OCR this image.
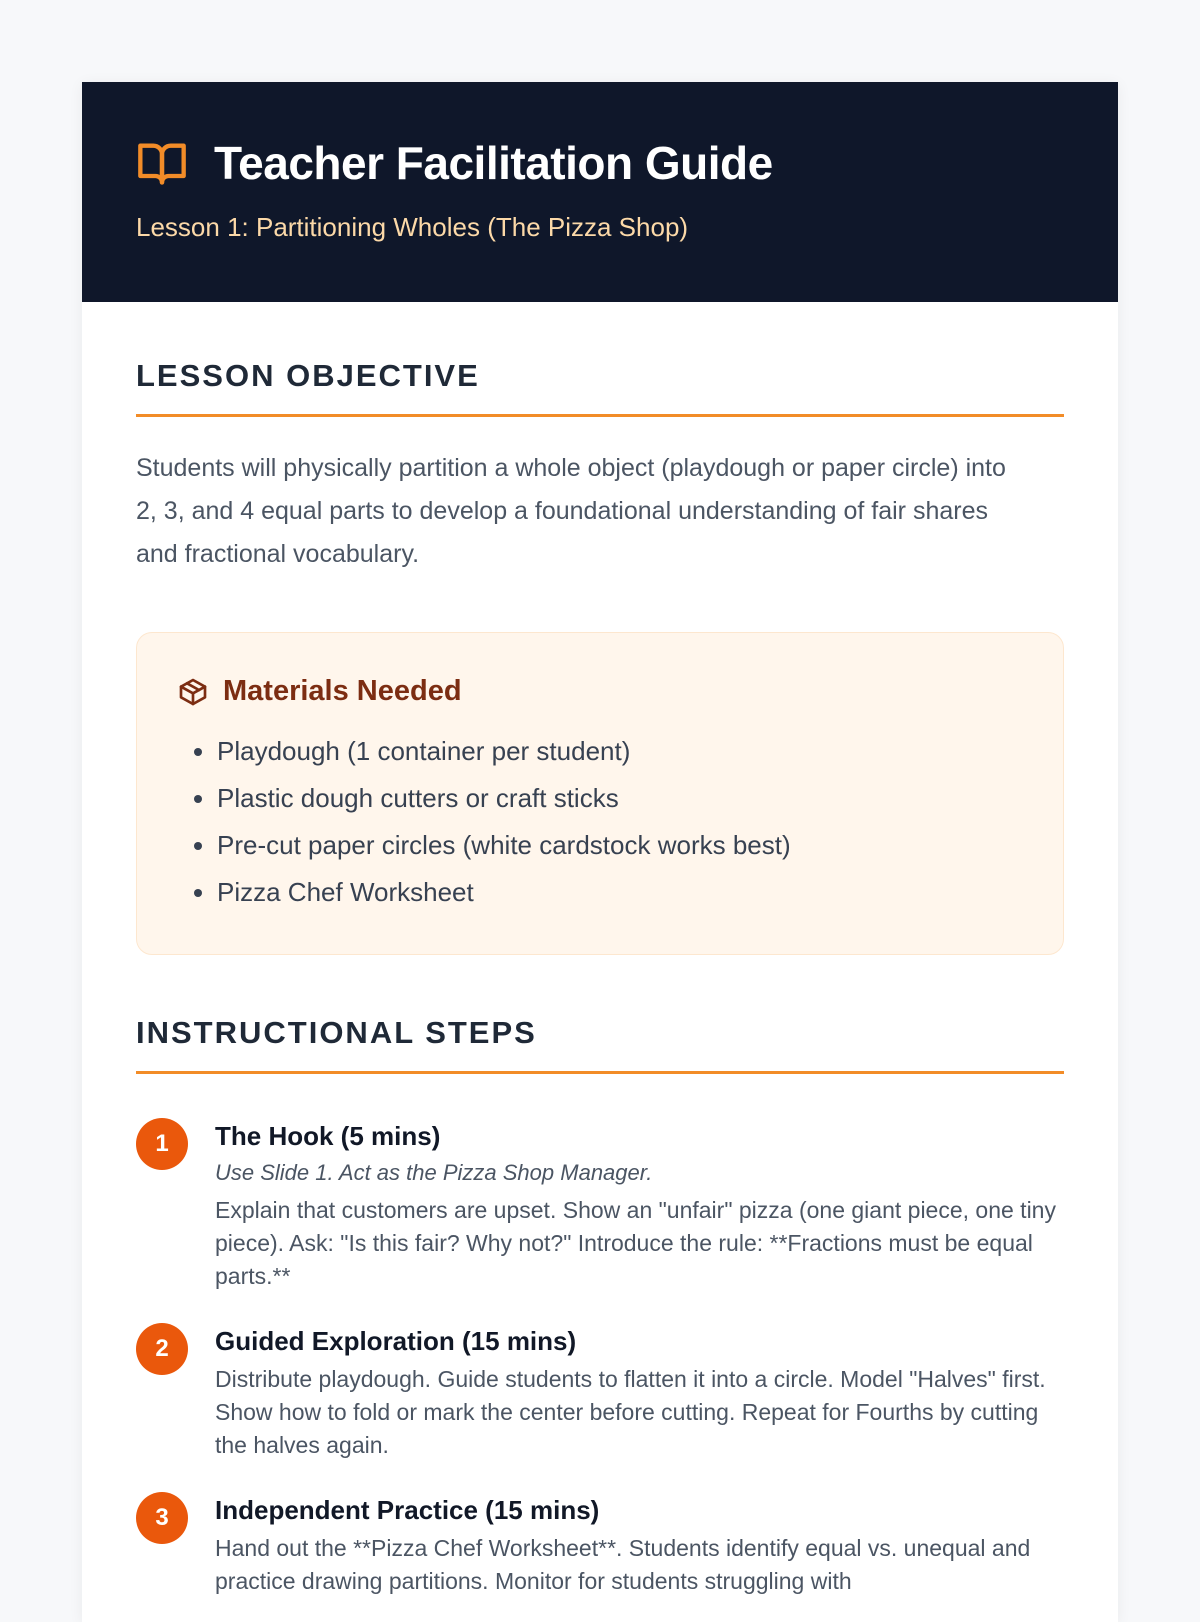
Teacher Facilitation Guide
Lesson 1: Partitioning Wholes (The Pizza Shop)
LESSON OBJECTIVE
Students will physically partition a whole object (playdough or paper circle) into 2, 3, and 4 equal parts to develop a foundational understanding of fair shares and fractional vocabulary.
Materials Needed
• Playdough (1 container per student)
• Plastic dough cutters or craft sticks
• Pre-cut paper circles (white cardstock works best)
• Pizza Chef Worksheet
INSTRUCTIONAL STEPS
1	The Hook (5 mins)
Use Slide 1. Act as the Pizza Shop Manager.
Explain that customers are upset. Show an "unfair" pizza (one giant piece, one tiny piece). Ask: "Is this fair? Why not?" Introduce the rule: **Fractions must be equal parts.**
2	Guided Exploration (15 mins)
Distribute playdough. Guide students to flatten it into a circle. Model "Halves" first. Show how to fold or mark the center before cutting. Repeat for Fourths by cutting the halves again.
3	Independent Practice (15 mins)
Hand out the **Pizza Chef Worksheet**. Students identify equal vs. unequal and practice drawing partitions. Monitor for students struggling with
